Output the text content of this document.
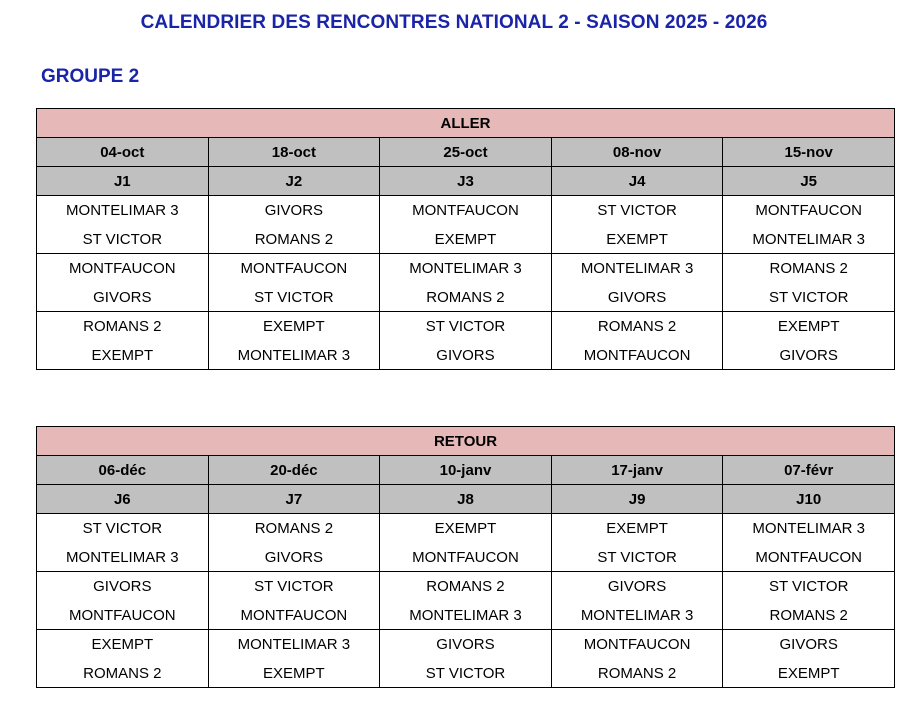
CALENDRIER DES RENCONTRES NATIONAL 2 - SAISON 2025 - 2026
GROUPE 2
ALLER				
04-oct	18-oct	25-oct	08-nov	15-nov
J1	J2	J3	J4	J5
MONTELIMAR 3	GIVORS	MONTFAUCON	ST VICTOR	MONTFAUCON
ST VICTOR	ROMANS 2	EXEMPT	EXEMPT	MONTELIMAR 3
MONTFAUCON	MONTFAUCON	MONTELIMAR 3	MONTELIMAR 3	ROMANS 2
GIVORS	ST VICTOR	ROMANS 2	GIVORS	ST VICTOR
ROMANS 2	EXEMPT	ST VICTOR	ROMANS 2	EXEMPT
EXEMPT	MONTELIMAR 3	GIVORS	MONTFAUCON	GIVORS
RETOUR				
06-déc	20-déc	10-janv	17-janv	07-févr
J6	J7	J8	J9	J10
ST VICTOR	ROMANS 2	EXEMPT	EXEMPT	MONTELIMAR 3
MONTELIMAR 3	GIVORS	MONTFAUCON	ST VICTOR	MONTFAUCON
GIVORS	ST VICTOR	ROMANS 2	GIVORS	ST VICTOR
MONTFAUCON	MONTFAUCON	MONTELIMAR 3	MONTELIMAR 3	ROMANS 2
EXEMPT	MONTELIMAR 3	GIVORS	MONTFAUCON	GIVORS
ROMANS 2	EXEMPT	ST VICTOR	ROMANS 2	EXEMPT
